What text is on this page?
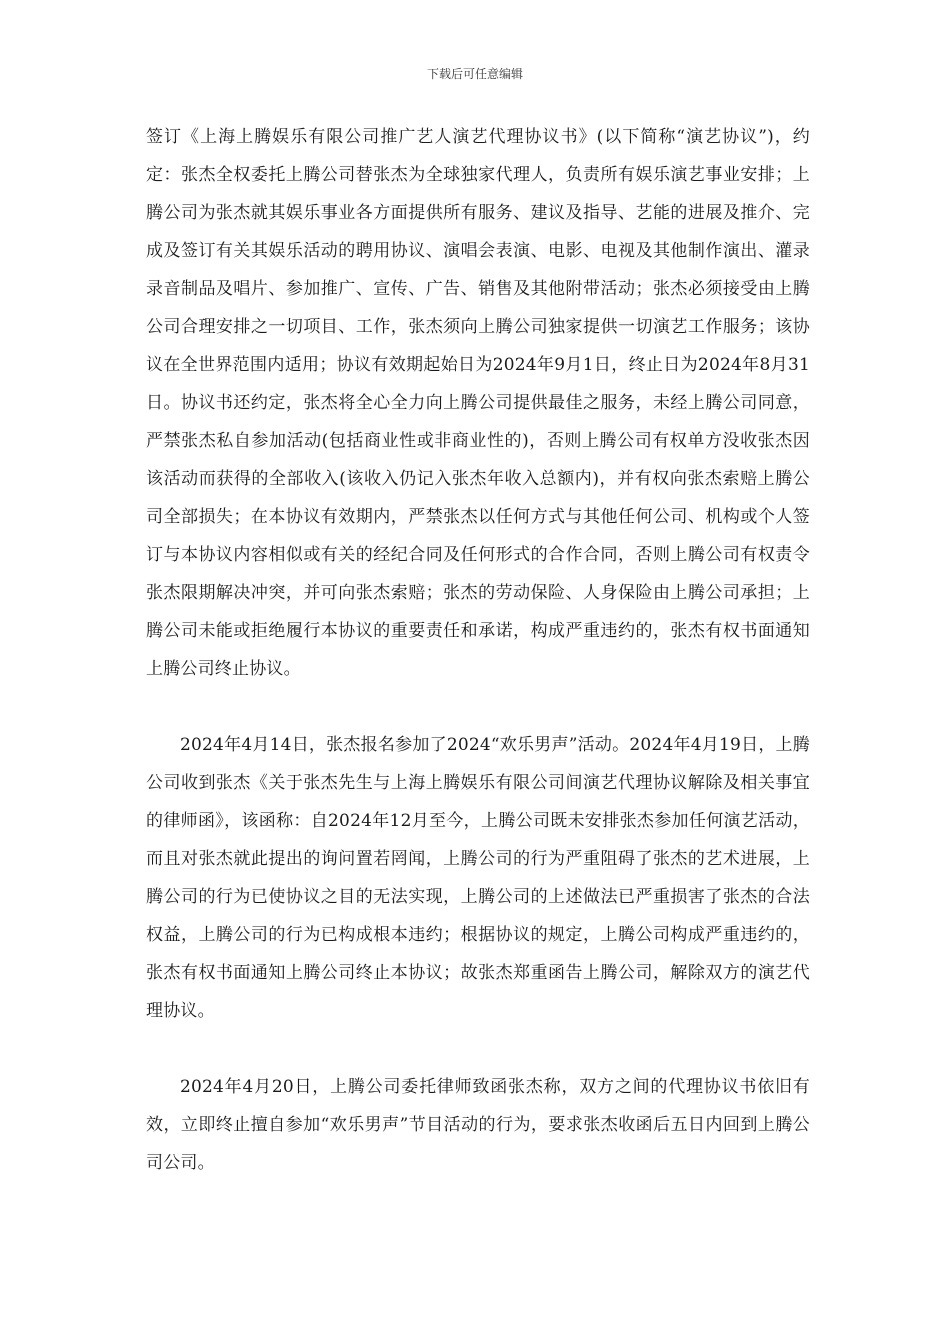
下载后可任意编辑

签订《上海上腾娱乐有限公司推广艺人演艺代理协议书》(以下简称“演艺协议”)，约定：张杰全权委托上腾公司替张杰为全球独家代理人，负责所有娱乐演艺事业安排；上腾公司为张杰就其娱乐事业各方面提供所有服务、建议及指导、艺能的进展及推介、完成及签订有关其娱乐活动的聘用协议、演唱会表演、电影、电视及其他制作演出、灌录录音制品及唱片、参加推广、宣传、广告、销售及其他附带活动；张杰必须接受由上腾公司合理安排之一切项目、工作，张杰须向上腾公司独家提供一切演艺工作服务；该协议在全世界范围内适用；协议有效期起始日为2024年9月1日，终止日为2024年8月31日。协议书还约定，张杰将全心全力向上腾公司提供最佳之服务，未经上腾公司同意，严禁张杰私自参加活动(包括商业性或非商业性的)，否则上腾公司有权单方没收张杰因该活动而获得的全部收入(该收入仍记入张杰年收入总额内)，并有权向张杰索赔上腾公司全部损失；在本协议有效期内，严禁张杰以任何方式与其他任何公司、机构或个人签订与本协议内容相似或有关的经纪合同及任何形式的合作合同，否则上腾公司有权责令张杰限期解决冲突，并可向张杰索赔；张杰的劳动保险、人身保险由上腾公司承担；上腾公司未能或拒绝履行本协议的重要责任和承诺，构成严重违约的，张杰有权书面通知上腾公司终止协议。

2024年4月14日，张杰报名参加了2024“欢乐男声”活动。2024年4月19日，上腾公司收到张杰《关于张杰先生与上海上腾娱乐有限公司间演艺代理协议解除及相关事宜的律师函》，该函称：自2024年12月至今，上腾公司既未安排张杰参加任何演艺活动，而且对张杰就此提出的询问置若罔闻，上腾公司的行为严重阻碍了张杰的艺术进展，上腾公司的行为已使协议之目的无法实现，上腾公司的上述做法已严重损害了张杰的合法权益，上腾公司的行为已构成根本违约；根据协议的规定，上腾公司构成严重违约的，张杰有权书面通知上腾公司终止本协议；故张杰郑重函告上腾公司，解除双方的演艺代理协议。

2024年4月20日，上腾公司委托律师致函张杰称，双方之间的代理协议书依旧有效，立即终止擅自参加“欢乐男声”节目活动的行为，要求张杰收函后五日内回到上腾公司公司。
